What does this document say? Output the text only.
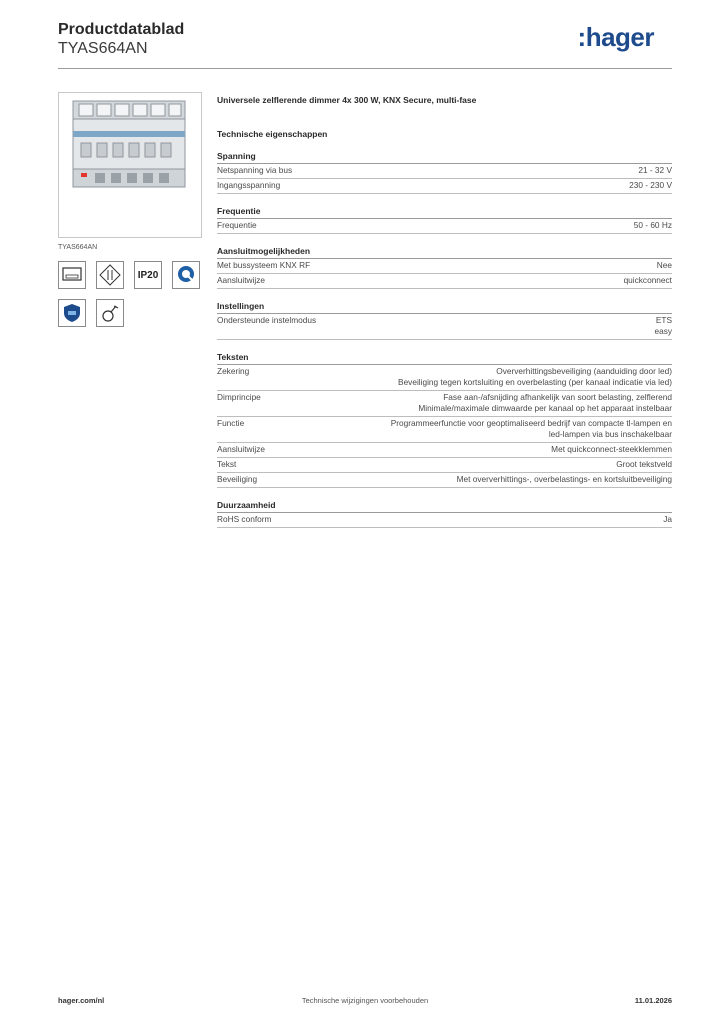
Productdatablad
TYAS664AN	:hager
TYAS664AN
IP20
Universele zelflerende dimmer 4x 300 W, KNX Secure, multi-fase
Technische eigenschappen
Spanning
Netspanning via bus	21 - 32 V
Ingangsspanning	230 - 230 V
Frequentie
Frequentie	50 - 60 Hz
Aansluitmogelijkheden
Met bussysteem KNX RF	Nee
Aansluitwijze	quickconnect
Instellingen
Ondersteunde instelmodus	ETS
easy
Teksten
Zekering	Oververhittingsbeveiliging (aanduiding door led)
Beveiliging tegen kortsluiting en overbelasting (per kanaal indicatie via led)
Dimprincipe	Fase aan-/afsnijding afhankelijk van soort belasting, zelflerend
Minimale/maximale dimwaarde per kanaal op het apparaat instelbaar
Functie	Programmeerfunctie voor geoptimaliseerd bedrijf van compacte tl-lampen en
led-lampen via bus inschakelbaar
Aansluitwijze	Met quickconnect-steekklemmen
Tekst	Groot tekstveld
Beveiliging	Met oververhittings-, overbelastings- en kortsluitbeveiliging
Duurzaamheid
RoHS conform	Ja
hager.com/nl	Technische wijzigingen voorbehouden	11.01.2026
